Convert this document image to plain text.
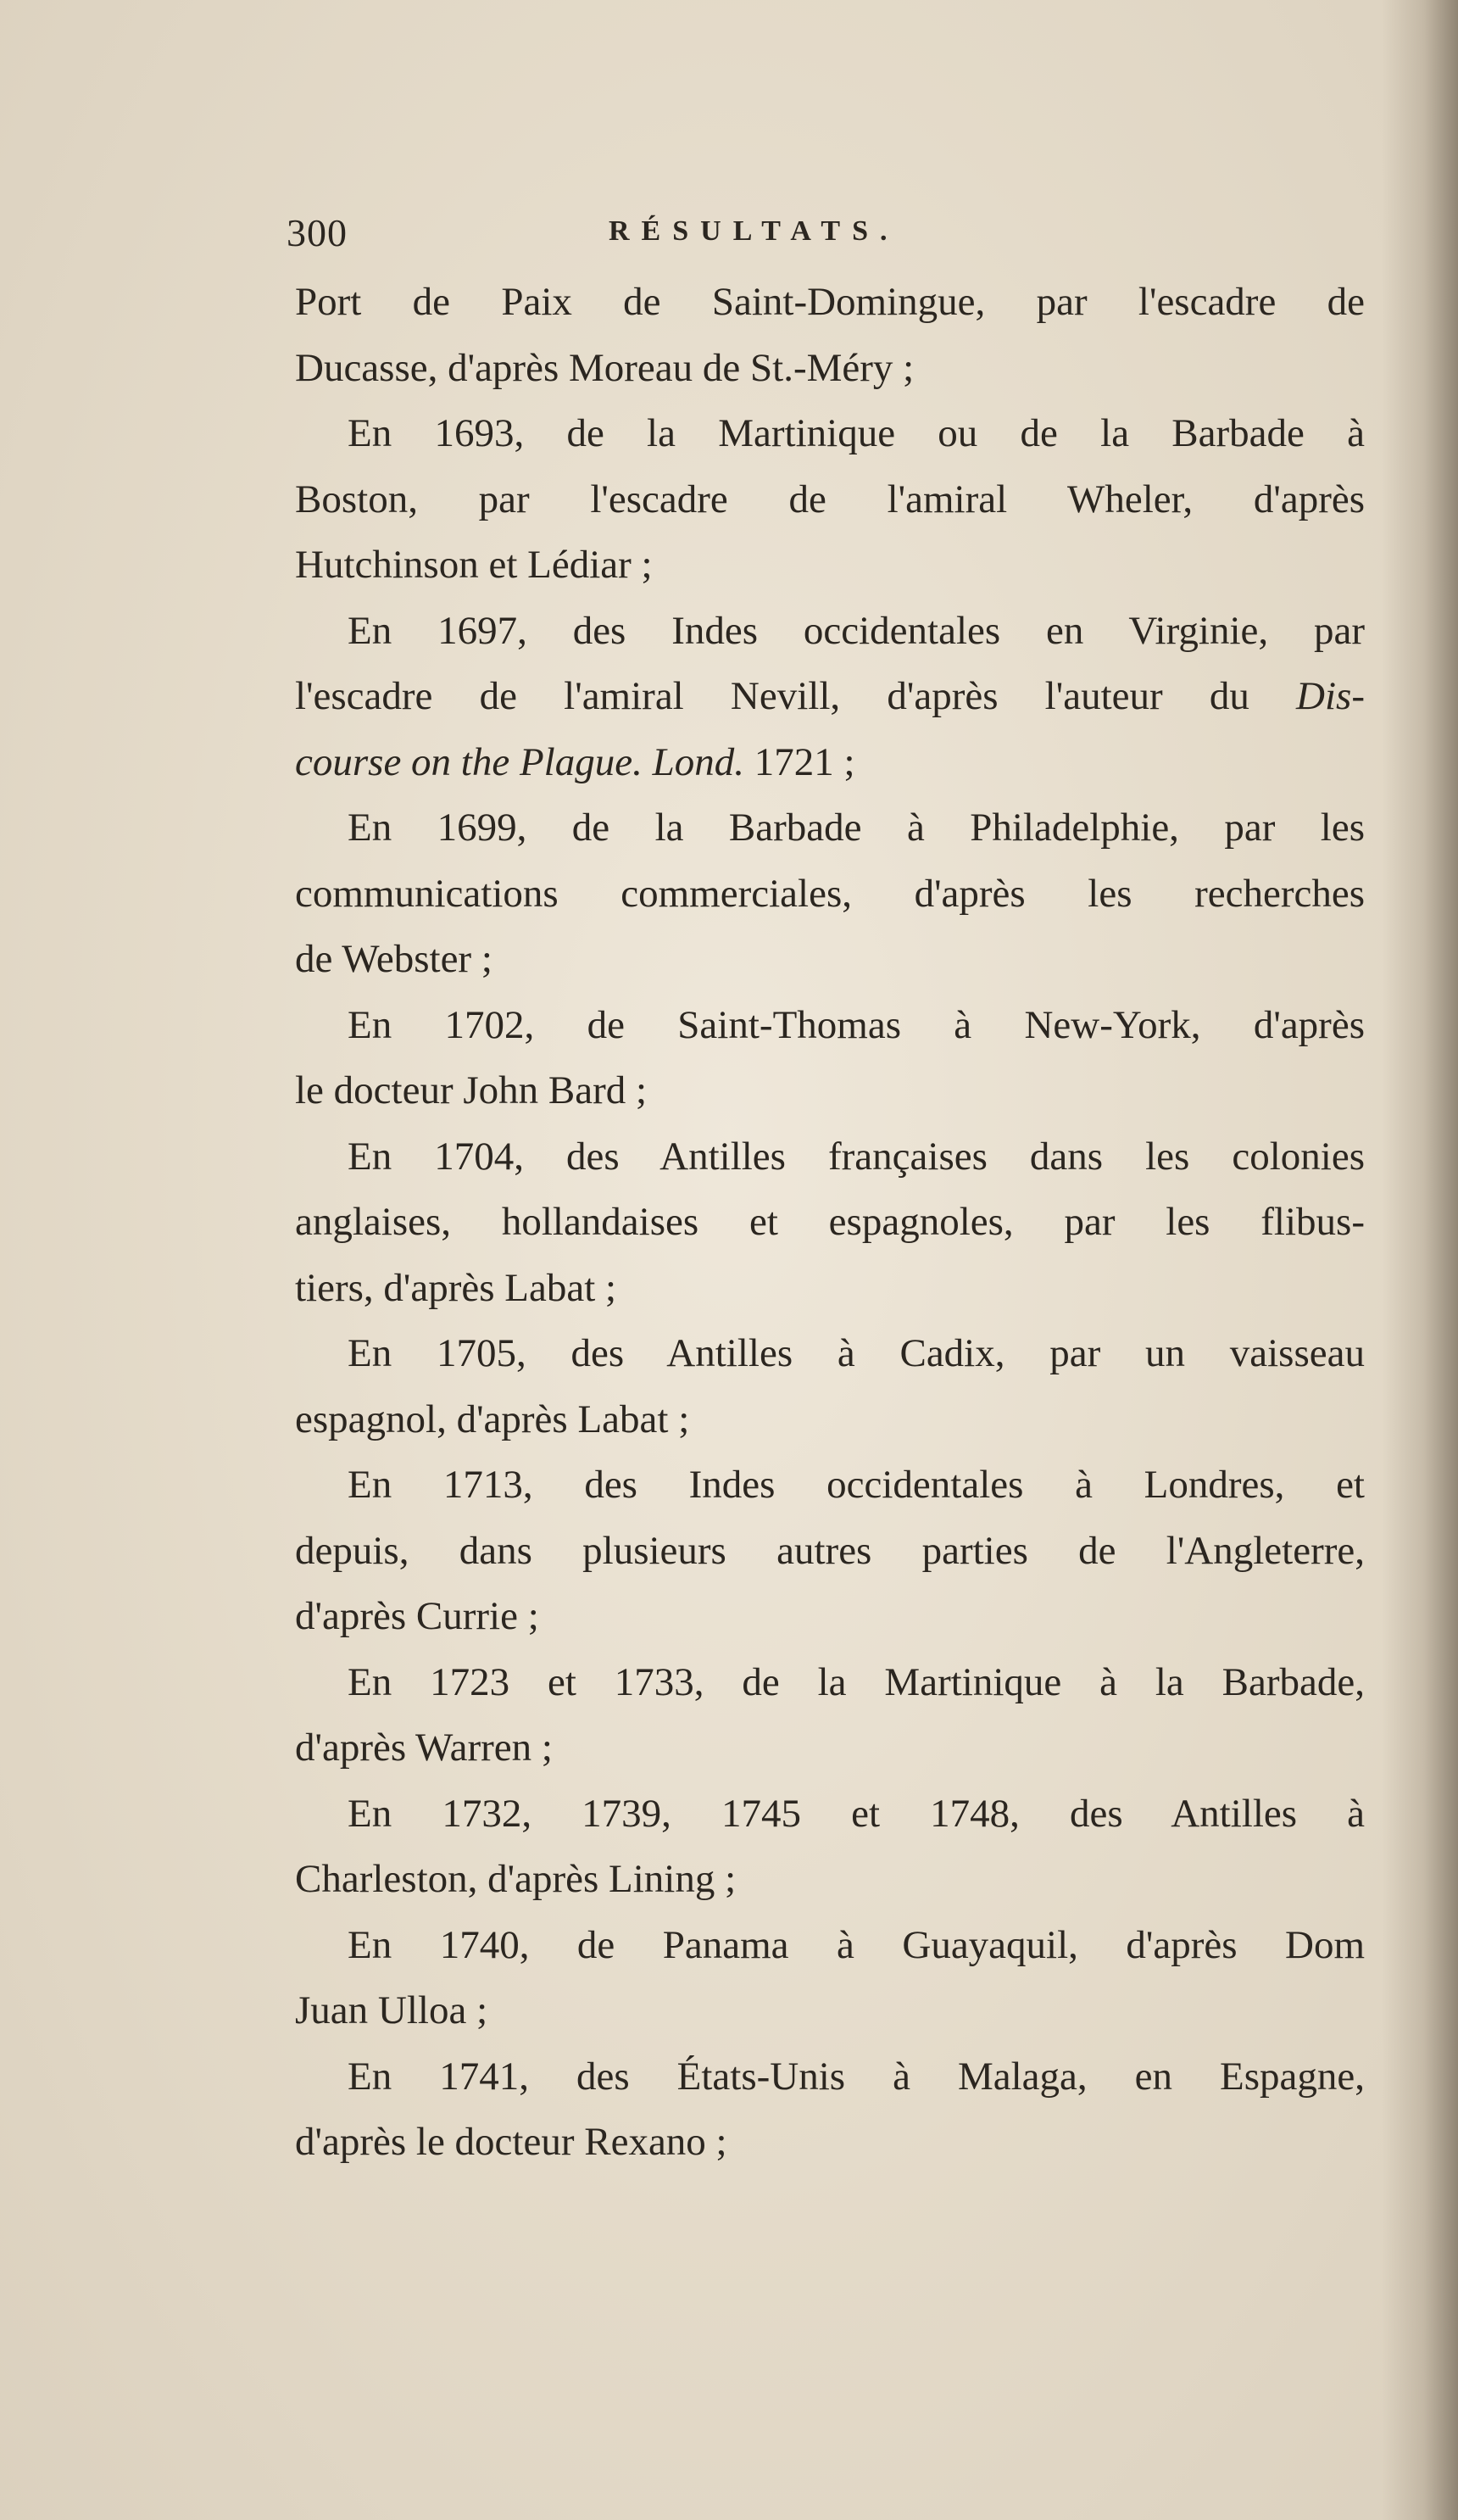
300	RÉSULTATS.
Port de Paix de Saint-Domingue, par l'escadre de
Ducasse, d'après Moreau de St.-Méry ;
En 1693, de la Martinique ou de la Barbade à
Boston, par l'escadre de l'amiral Wheler, d'après
Hutchinson et Lédiar ;
En 1697, des Indes occidentales en Virginie, par
l'escadre de l'amiral Nevill, d'après l'auteur du Dis-
course on the Plague. Lond. 1721 ;
En 1699, de la Barbade à Philadelphie, par les
communications commerciales, d'après les recherches
de Webster ;
En 1702, de Saint-Thomas à New-York, d'après
le docteur John Bard ;
En 1704, des Antilles françaises dans les colonies
anglaises, hollandaises et espagnoles, par les flibus-
tiers, d'après Labat ;
En 1705, des Antilles à Cadix, par un vaisseau
espagnol, d'après Labat ;
En 1713, des Indes occidentales à Londres, et
depuis, dans plusieurs autres parties de l'Angleterre,
d'après Currie ;
En 1723 et 1733, de la Martinique à la Barbade,
d'après Warren ;
En 1732, 1739, 1745 et 1748, des Antilles à
Charleston, d'après Lining ;
En 1740, de Panama à Guayaquil, d'après Dom
Juan Ulloa ;
En 1741, des États-Unis à Malaga, en Espagne,
d'après le docteur Rexano ;
